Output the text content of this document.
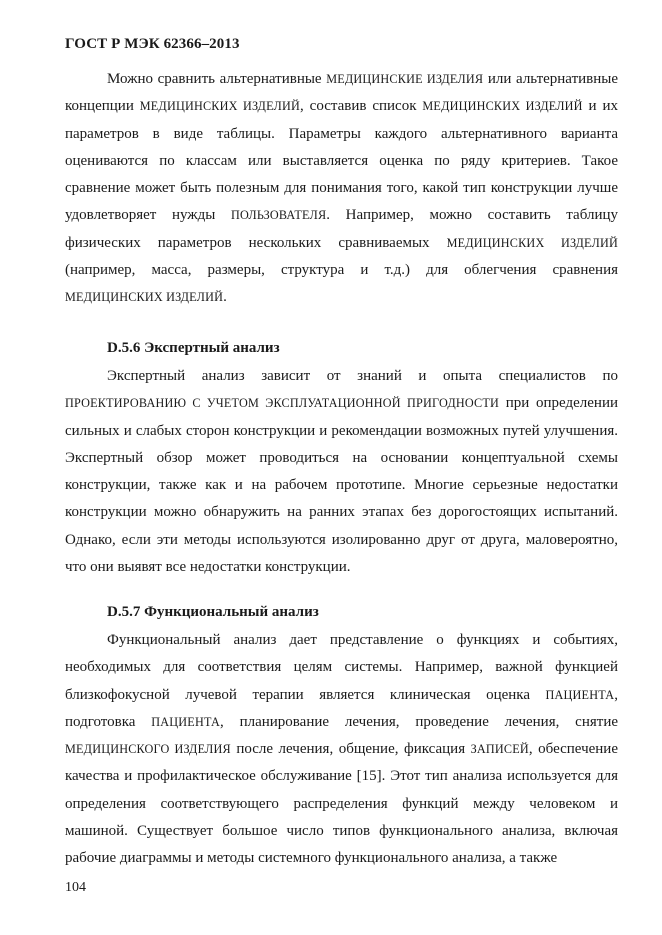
ГОСТ Р МЭК 62366–2013

Можно сравнить альтернативные МЕДИЦИНСКИЕ ИЗДЕЛИЯ или альтернативные концепции МЕДИЦИНСКИХ ИЗДЕЛИЙ, составив список МЕДИЦИНСКИХ ИЗДЕЛИЙ и их параметров в виде таблицы. Параметры каждого альтернативного варианта оцениваются по классам или выставляется оценка по ряду критериев. Такое сравнение может быть полезным для понимания того, какой тип конструкции лучше удовлетворяет нужды ПОЛЬЗОВАТЕЛЯ. Например, можно составить таблицу физических параметров нескольких сравниваемых МЕДИЦИНСКИХ ИЗДЕЛИЙ (например, масса, размеры, структура и т.д.) для облегчения сравнения МЕДИЦИНСКИХ ИЗДЕЛИЙ.

D.5.6 Экспертный анализ

Экспертный анализ зависит от знаний и опыта специалистов по ПРОЕКТИРОВАНИЮ С УЧЕТОМ ЭКСПЛУАТАЦИОННОЙ ПРИГОДНОСТИ при определении сильных и слабых сторон конструкции и рекомендации возможных путей улучшения. Экспертный обзор может проводиться на основании концептуальной схемы конструкции, также как и на рабочем прототипе. Многие серьезные недостатки конструкции можно обнаружить на ранних этапах без дорогостоящих испытаний. Однако, если эти методы используются изолированно друг от друга, маловероятно, что они выявят все недостатки конструкции.

D.5.7 Функциональный анализ

Функциональный анализ дает представление о функциях и событиях, необходимых для соответствия целям системы. Например, важной функцией близкофокусной лучевой терапии является клиническая оценка ПАЦИЕНТА, подготовка ПАЦИЕНТА, планирование лечения, проведение лечения, снятие МЕДИЦИНСКОГО ИЗДЕЛИЯ после лечения, общение, фиксация ЗАПИСЕЙ, обеспечение качества и профилактическое обслуживание [15]. Этот тип анализа используется для определения соответствующего распределения функций между человеком и машиной. Существует большое число типов функционального анализа, включая рабочие диаграммы и методы системного функционального анализа, а также

104
